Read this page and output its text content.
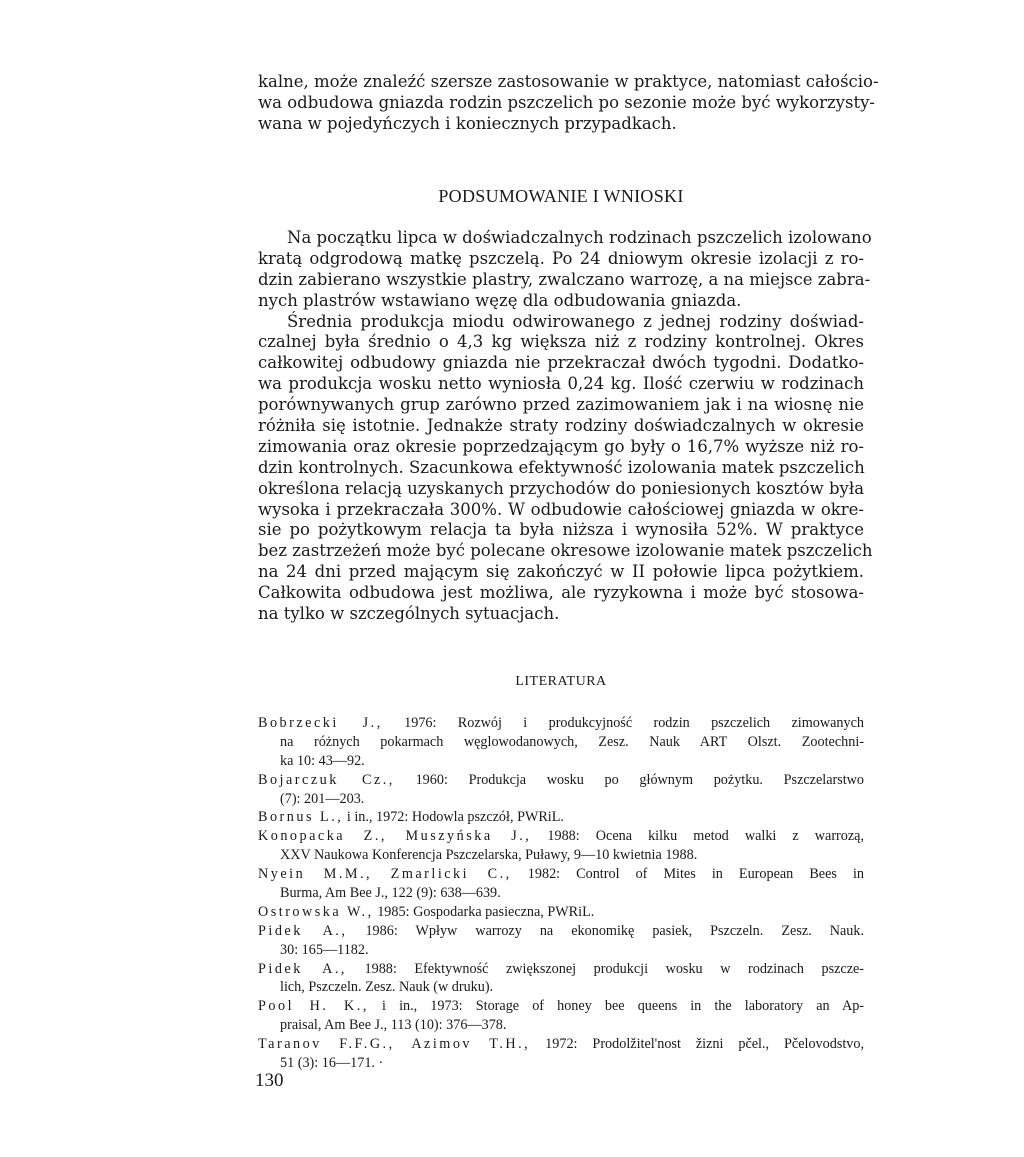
kalne, może znaleźć szersze zastosowanie w praktyce, natomiast całościo-
wa odbudowa gniazda rodzin pszczelich po sezonie może być wykorzysty-
wana w pojedyńczych i koniecznych przypadkach.
PODSUMOWANIE I WNIOSKI
Na początku lipca w doświadczalnych rodzinach pszczelich izolowano
kratą odgrodową matkę pszczelą. Po 24 dniowym okresie izolacji z ro-
dzin zabierano wszystkie plastry, zwalczano warrozę, a na miejsce zabra-
nych plastrów wstawiano węzę dla odbudowania gniazda.
Średnia produkcja miodu odwirowanego z jednej rodziny doświad-
czalnej była średnio o 4,3 kg większa niż z rodziny kontrolnej. Okres
całkowitej odbudowy gniazda nie przekraczał dwóch tygodni. Dodatko-
wa produkcja wosku netto wyniosła 0,24 kg. Ilość czerwiu w rodzinach
porównywanych grup zarówno przed zazimowaniem jak i na wiosnę nie
różniła się istotnie. Jednakże straty rodziny doświadczalnych w okresie
zimowania oraz okresie poprzedzającym go były o 16,7% wyższe niż ro-
dzin kontrolnych. Szacunkowa efektywność izolowania matek pszczelich
określona relacją uzyskanych przychodów do poniesionych kosztów była
wysoka i przekraczała 300%. W odbudowie całościowej gniazda w okre-
sie po pożytkowym relacja ta była niższa i wynosiła 52%. W praktyce
bez zastrzeżeń może być polecane okresowe izolowanie matek pszczelich
na 24 dni przed mającym się zakończyć w II połowie lipca pożytkiem.
Całkowita odbudowa jest możliwa, ale ryzykowna i może być stosowa-
na tylko w szczególnych sytuacjach.
LITERATURA
Bobrzecki J., 1976: Rozwój i produkcyjność rodzin pszczelich zimowanych
na różnych pokarmach węglowodanowych, Zesz. Nauk ART Olszt. Zootechni-
ka 10: 43—92.
Bojarczuk Cz., 1960: Produkcja wosku po głównym pożytku. Pszczelarstwo
(7): 201—203.
Bornus L., i in., 1972: Hodowla pszczół, PWRiL.
Konopacka Z., Muszyńska J., 1988: Ocena kilku metod walki z warrozą,
XXV Naukowa Konferencja Pszczelarska, Puławy, 9—10 kwietnia 1988.
Nyein M.M., Zmarlicki C., 1982: Control of Mites in European Bees in
Burma, Am Bee J., 122 (9): 638—639.
Ostrowska W., 1985: Gospodarka pasieczna, PWRiL.
Pidek A., 1986: Wpływ warrozy na ekonomikę pasiek, Pszczeln. Zesz. Nauk.
30: 165—1182.
Pidek A., 1988: Efektywność zwiększonej produkcji wosku w rodzinach pszcze-
lich, Pszczeln. Zesz. Nauk (w druku).
Pool H. K., i in., 1973: Storage of honey bee queens in the laboratory an Ap-
praisal, Am Bee J., 113 (10): 376—378.
Taranov F.F.G., Azimov T.H., 1972: Prodolžitel'nost žizni pčel., Pčelovodstvo,
51 (3): 16—171. ·
130
